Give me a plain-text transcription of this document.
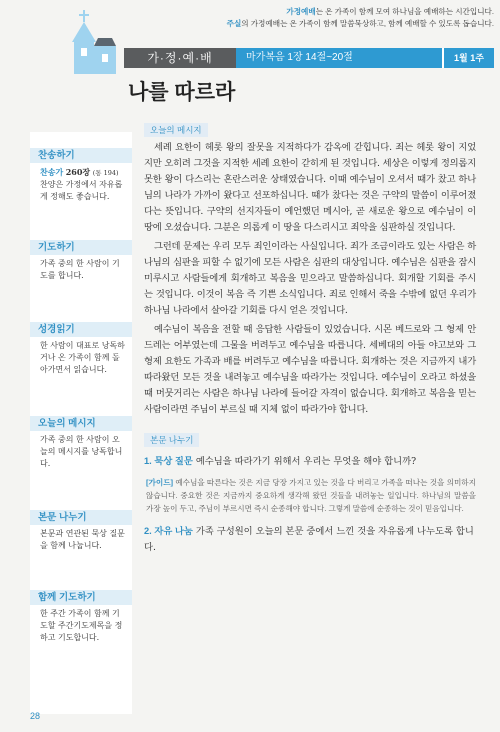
가정예배는 온 가족이 함께 모여 하나님을 예배하는 시간입니다.
주실의 가정예배는 온 가족이 함께 말씀묵상하고, 함께 예배할 수 있도록 돕습니다.
가·정·예·배	마가복음 1장 14절~20절	1월 1주
나를 따르라
찬송하기
찬송가 260장 (통 194)
찬양은 가정에서 자유롭게 정해도 좋습니다.
기도하기
가족 중의 한 사람이 기도를 합니다.
성경읽기
한 사람이 대표로 낭독하거나 온 가족이 함께 돌아가면서 읽습니다.
오늘의 메시지
가족 중의 한 사람이 오늘의 메시지를 낭독합니다.
본문 나누기
본문과 연관된 묵상 질문을 함께 나눕니다.
함께 기도하기
한 주간 가족이 함께 기도할 주간기도제목을 정하고 기도합니다.
오늘의 메시지

세례 요한이 헤롯 왕의 잘못을 지적하다가 감옥에 갇힙니다. 죄는 헤롯 왕이 지었지만 오히려 그것을 지적한 세례 요한이 갇히게 된 것입니다. 세상은 이렇게 정의롭지 못한 왕이 다스리는 혼란스러운 상태였습니다. 이때 예수님이 오셔서 때가 찼고 하나님의 나라가 가까이 왔다고 선포하십니다. 때가 찼다는 것은 구약의 말씀이 이루어졌다는 뜻입니다. 구약의 선지자들이 예언했던 메시아, 곧 새로운 왕으로 예수님이 이 땅에 오셨습니다. 그분은 의롭게 이 땅을 다스리시고 죄악을 심판하실 것입니다.

그런데 문제는 우리 모두 죄인이라는 사실입니다. 죄가 조금이라도 있는 사람은 하나님의 심판을 피할 수 없기에 모든 사람은 심판의 대상입니다. 예수님은 심판을 잠시 미루시고 사람들에게 회개하고 복음을 믿으라고 말씀하십니다. 회개할 기회를 주시는 것입니다. 이것이 복음 즉 기쁜 소식입니다. 죄로 인해서 죽을 수밖에 없던 우리가 하나님 나라에서 살아갈 기회를 다시 얻은 것입니다.

예수님이 복음을 전할 때 응답한 사람들이 있었습니다. 시몬 베드로와 그 형제 안드레는 어부였는데 그물을 버려두고 예수님을 따릅니다. 세베대의 아들 야고보와 그 형제 요한도 가족과 배를 버려두고 예수님을 따릅니다. 회개하는 것은 지금까지 내가 따라왔던 모든 것을 내려놓고 예수님을 따라가는 것입니다. 예수님이 오라고 하셨을 때 머뭇거리는 사람은 하나님 나라에 들어갈 자격이 없습니다. 회개하고 복음을 믿는 사람이라면 주님이 부르실 때 지체 없이 따라가야 합니다.

본문 나누기

1. 묵상 질문 예수님을 따라가기 위해서 우리는 무엇을 해야 합니까?

[가이드] 예수님을 따른다는 것은 지금 당장 가지고 있는 것을 다 버리고 가족을 떠나는 것을 의미하지 않습니다. 중요한 것은 지금까지 중요하게 생각해 왔던 것들을 내려놓는 일입니다. 하나님의 말씀을 가장 높이 두고, 주님이 부르시면 즉시 순종해야 합니다. 그렇게 말씀에 순종하는 것이 믿음입니다.

2. 자유 나눔 가족 구성원이 오늘의 본문 중에서 느낀 것을 자유롭게 나누도록 합니다.

28
